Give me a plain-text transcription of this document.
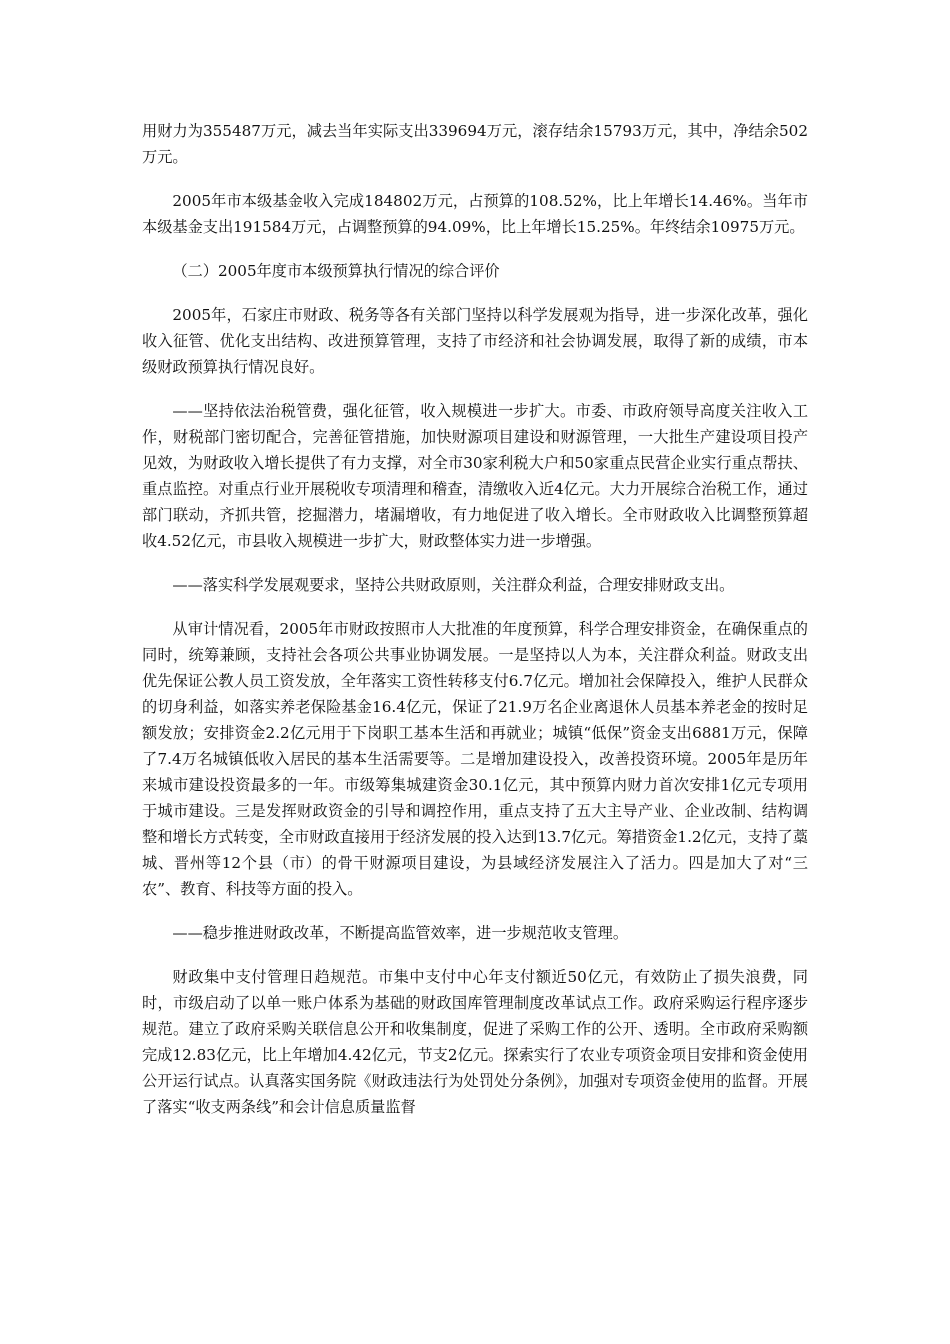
用财力为355487万元，减去当年实际支出339694万元，滚存结余15793万元，其中，净结余502万元。

2005年市本级基金收入完成184802万元，占预算的108.52%，比上年增长14.46%。当年市本级基金支出191584万元，占调整预算的94.09%，比上年增长15.25%。年终结余10975万元。

（二）2005年度市本级预算执行情况的综合评价

2005年，石家庄市财政、税务等各有关部门坚持以科学发展观为指导，进一步深化改革，强化收入征管、优化支出结构、改进预算管理，支持了市经济和社会协调发展，取得了新的成绩，市本级财政预算执行情况良好。

——坚持依法治税管费，强化征管，收入规模进一步扩大。市委、市政府领导高度关注收入工作，财税部门密切配合，完善征管措施，加快财源项目建设和财源管理，一大批生产建设项目投产见效，为财政收入增长提供了有力支撑，对全市30家利税大户和50家重点民营企业实行重点帮扶、重点监控。对重点行业开展税收专项清理和稽查，清缴收入近4亿元。大力开展综合治税工作，通过部门联动，齐抓共管，挖掘潜力，堵漏增收，有力地促进了收入增长。全市财政收入比调整预算超收4.52亿元，市县收入规模进一步扩大，财政整体实力进一步增强。

——落实科学发展观要求，坚持公共财政原则，关注群众利益，合理安排财政支出。

从审计情况看，2005年市财政按照市人大批准的年度预算，科学合理安排资金，在确保重点的同时，统筹兼顾，支持社会各项公共事业协调发展。一是坚持以人为本，关注群众利益。财政支出优先保证公教人员工资发放，全年落实工资性转移支付6.7亿元。增加社会保障投入，维护人民群众的切身利益，如落实养老保险基金16.4亿元，保证了21.9万名企业离退休人员基本养老金的按时足额发放；安排资金2.2亿元用于下岗职工基本生活和再就业；城镇“低保”资金支出6881万元，保障了7.4万名城镇低收入居民的基本生活需要等。二是增加建设投入，改善投资环境。2005年是历年来城市建设投资最多的一年。市级筹集城建资金30.1亿元，其中预算内财力首次安排1亿元专项用于城市建设。三是发挥财政资金的引导和调控作用，重点支持了五大主导产业、企业改制、结构调整和增长方式转变，全市财政直接用于经济发展的投入达到13.7亿元。筹措资金1.2亿元，支持了藁城、晋州等12个县（市）的骨干财源项目建设，为县域经济发展注入了活力。四是加大了对“三农”、教育、科技等方面的投入。

——稳步推进财政改革，不断提高监管效率，进一步规范收支管理。

财政集中支付管理日趋规范。市集中支付中心年支付额近50亿元，有效防止了损失浪费，同时，市级启动了以单一账户体系为基础的财政国库管理制度改革试点工作。政府采购运行程序逐步规范。建立了政府采购关联信息公开和收集制度，促进了采购工作的公开、透明。全市政府采购额完成12.83亿元，比上年增加4.42亿元，节支2亿元。探索实行了农业专项资金项目安排和资金使用公开运行试点。认真落实国务院《财政违法行为处罚处分条例》，加强对专项资金使用的监督。开展了落实“收支两条线”和会计信息质量监督
